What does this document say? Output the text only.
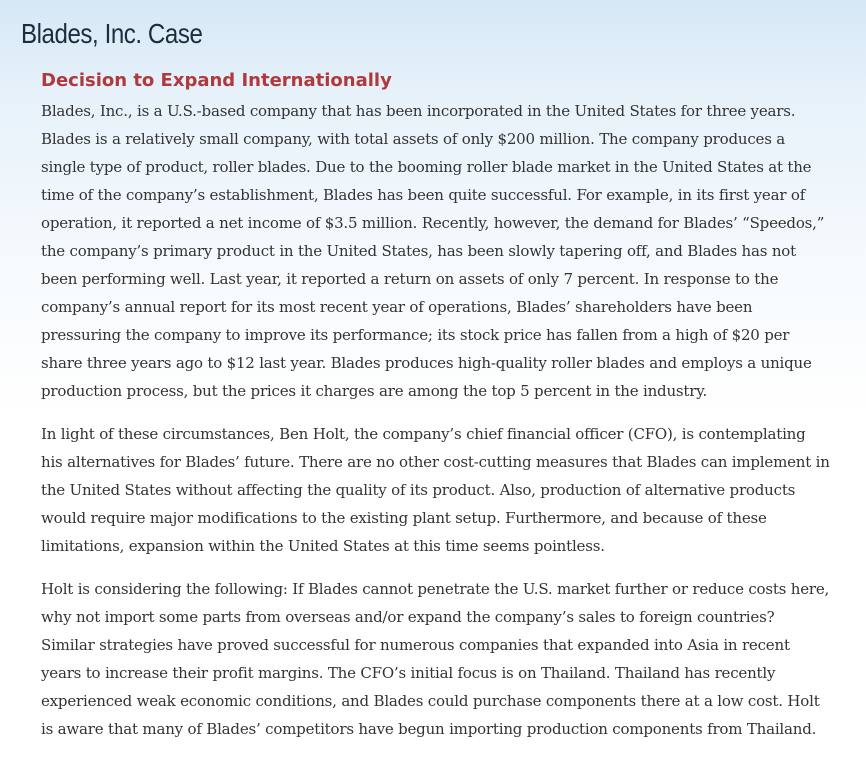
Blades, Inc. Case
Decision to Expand Internationally

Blades, Inc., is a U.S.-based company that has been incorporated in the United States for three years. Blades is a relatively small company, with total assets of only $200 million. The company produces a single type of product, roller blades. Due to the booming roller blade market in the United States at the time of the company’s establishment, Blades has been quite successful. For example, in its first year of operation, it reported a net income of $3.5 million. Recently, however, the demand for Blades’ “Speedos,” the company’s primary product in the United States, has been slowly tapering off, and Blades has not been performing well. Last year, it reported a return on assets of only 7 percent. In response to the company’s annual report for its most recent year of operations, Blades’ shareholders have been pressuring the company to improve its performance; its stock price has fallen from a high of $20 per share three years ago to $12 last year. Blades produces high-quality roller blades and employs a unique production process, but the prices it charges are among the top 5 percent in the industry.

In light of these circumstances, Ben Holt, the company’s chief financial officer (CFO), is contemplating his alternatives for Blades’ future. There are no other cost-cutting measures that Blades can implement in the United States without affecting the quality of its product. Also, production of alternative products would require major modifications to the existing plant setup. Furthermore, and because of these limitations, expansion within the United States at this time seems pointless.

Holt is considering the following: If Blades cannot penetrate the U.S. market further or reduce costs here, why not import some parts from overseas and/or expand the company’s sales to foreign countries? Similar strategies have proved successful for numerous companies that expanded into Asia in recent years to increase their profit margins. The CFO’s initial focus is on Thailand. Thailand has recently experienced weak economic conditions, and Blades could purchase components there at a low cost. Holt is aware that many of Blades’ competitors have begun importing production components from Thailand.
